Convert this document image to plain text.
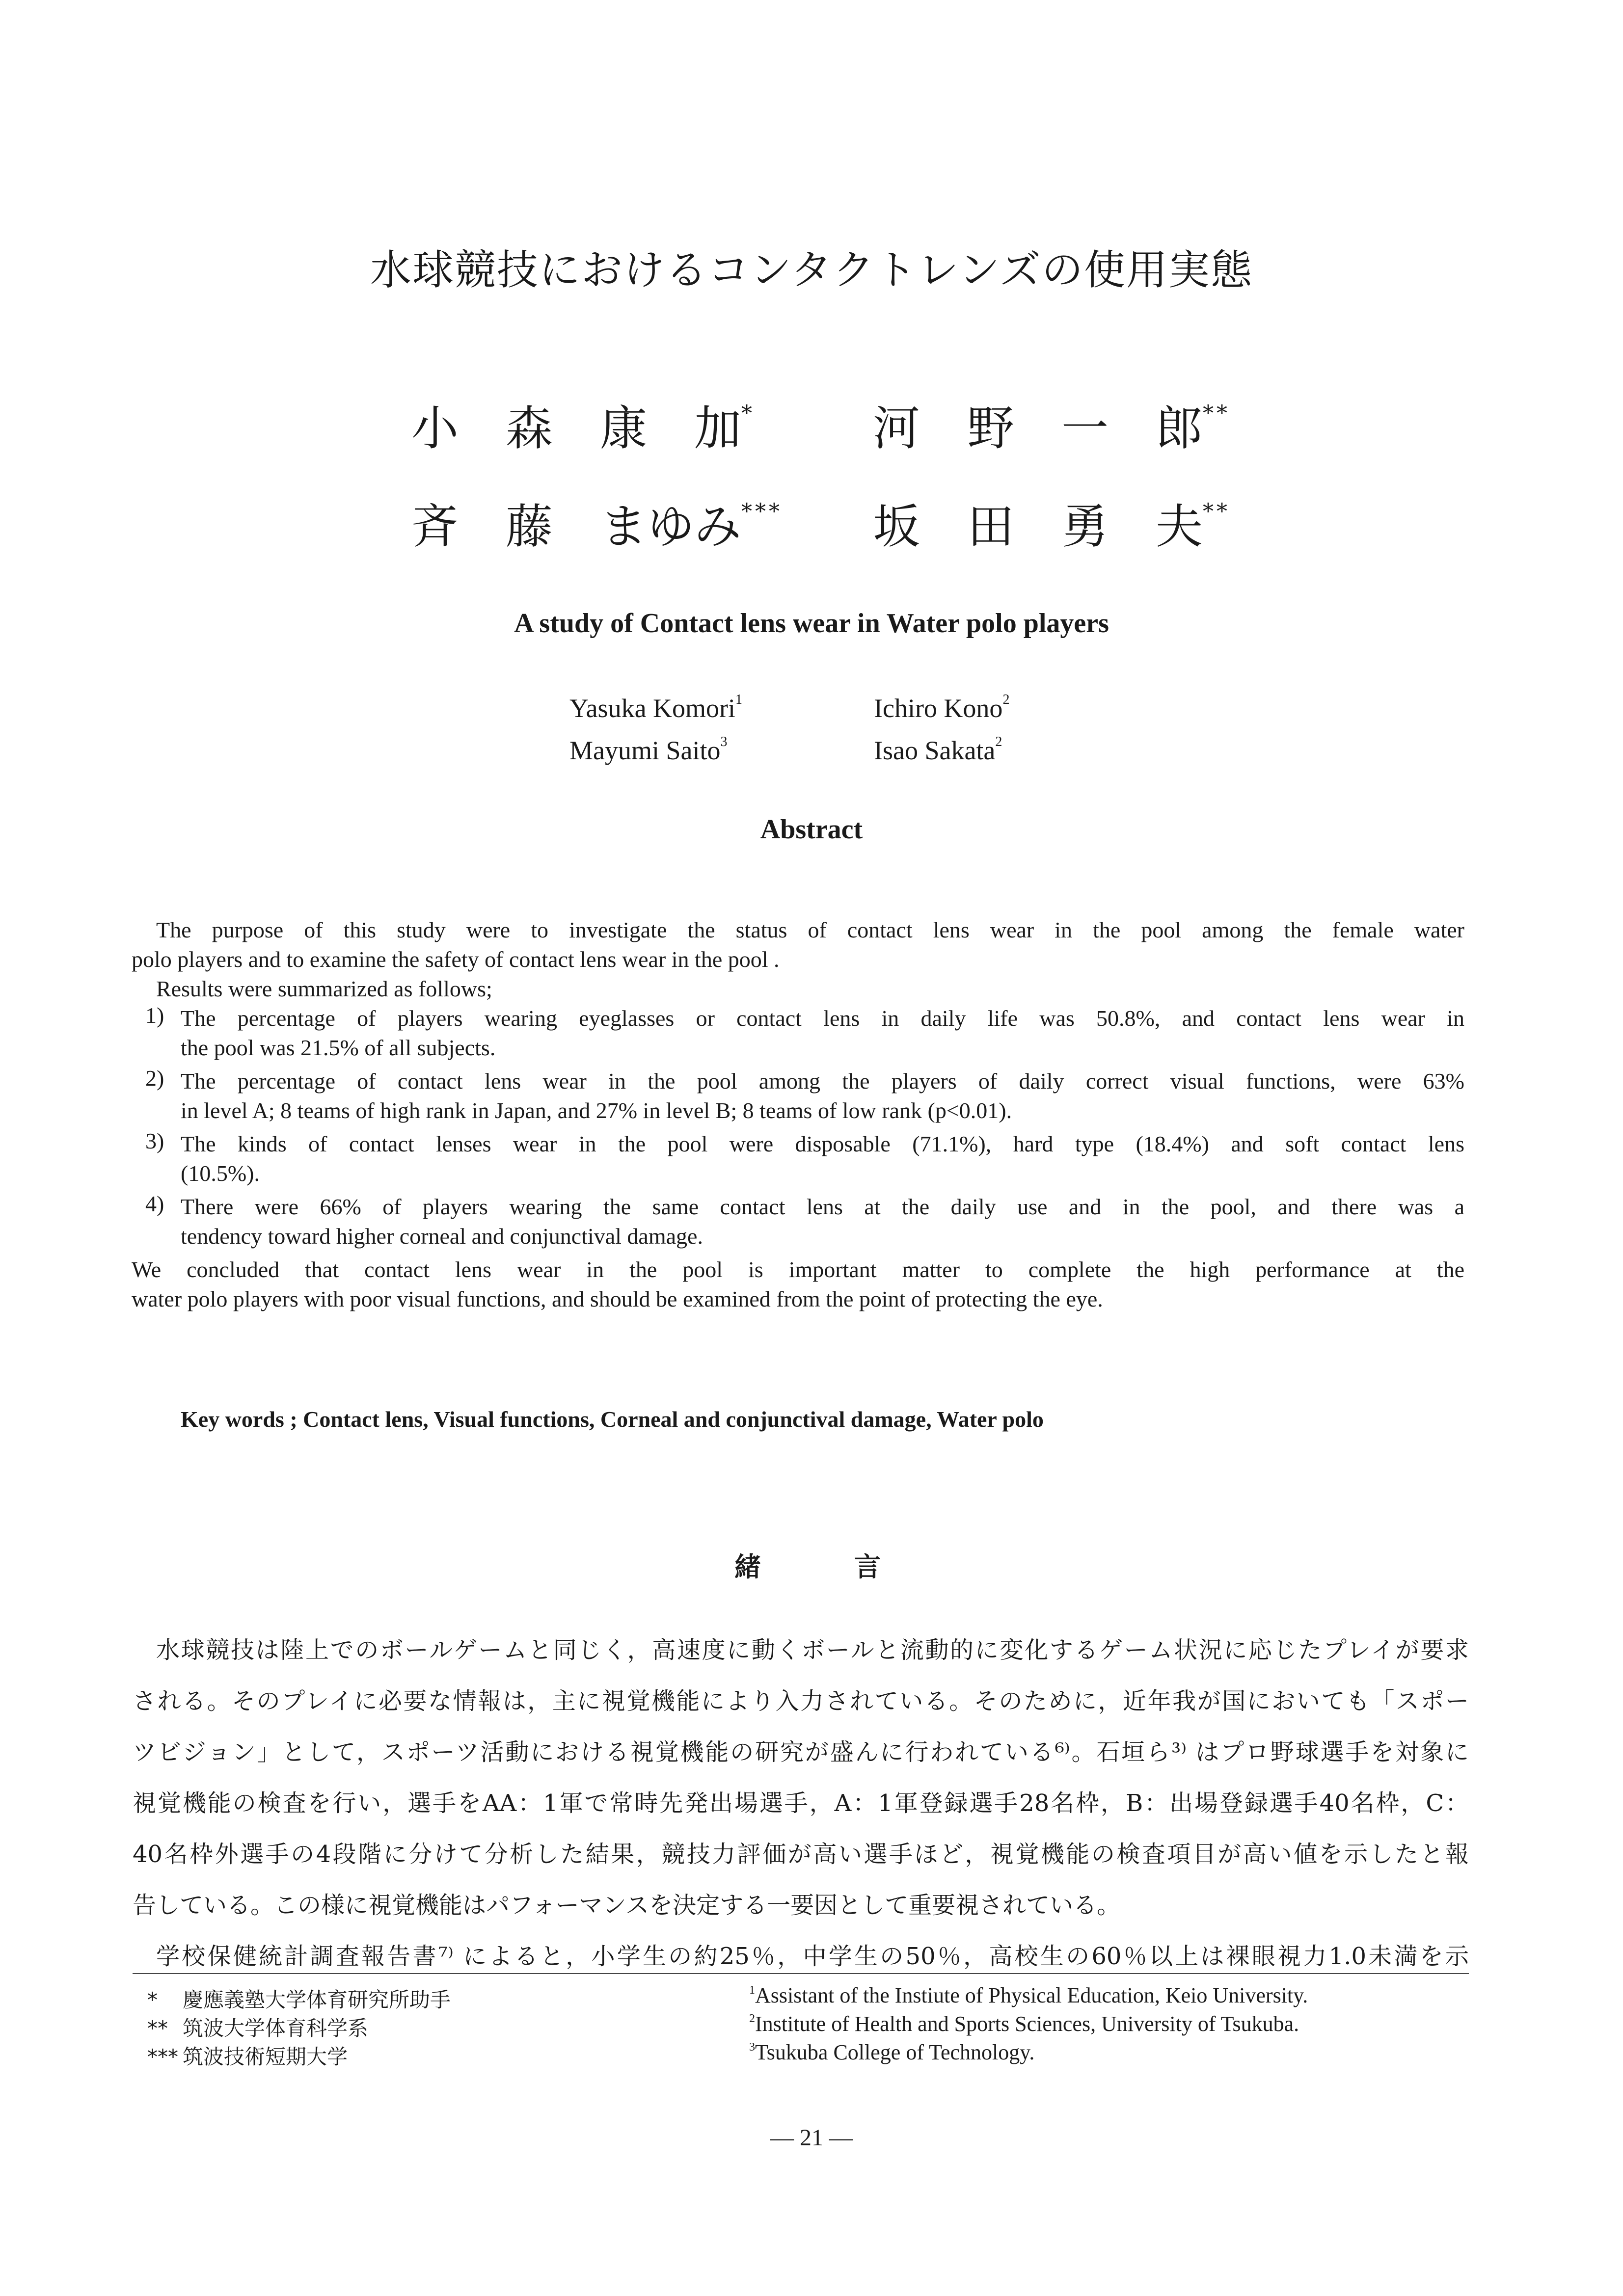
水球競技におけるコンタクトレンズの使用実態
小　森　康　加*	河　野　一　郎**
斉　藤　まゆみ*** 坂　田　勇　夫**
A study of Contact lens wear in Water polo players
Yasuka Komori$^1$	Ichiro Kono$^2$
Mayumi Saito$^3$	Isao Sakata$^2$
Abstract
The purpose of this study were to investigate the status of contact lens wear in the pool among the female water
polo players and to examine the safety of contact lens wear in the pool .
Results were summarized as follows;
1) The percentage of players wearing eyeglasses or contact lens in daily life was 50.8%, and contact lens wear in
the pool was 21.5% of all subjects.
2) The percentage of contact lens wear in the pool among the players of daily correct visual functions, were 63%
in level A; 8 teams of high rank in Japan, and 27% in level B; 8 teams of low rank (p<0.01).
3) The kinds of contact lenses wear in the pool were disposable (71.1%), hard type (18.4%) and soft contact lens
(10.5%).
4) There were 66% of players wearing the same contact lens at the daily use and in the pool, and there was a
tendency toward higher corneal and conjunctival damage.
We concluded that contact lens wear in the pool is important matter to complete the high performance at the
water polo players with poor visual functions, and should be examined from the point of protecting the eye.
Key words ; Contact lens, Visual functions, Corneal and conjunctival damage, Water polo
緒言
水球競技は陸上でのボールゲームと同じく，高速度に動くボールと流動的に変化するゲーム状況に応じたプレイが要求
される。そのプレイに必要な情報は，主に視覚機能により入力されている。そのために，近年我が国においても「スポー
ツビジョン」として，スポーツ活動における視覚機能の研究が盛んに行われている⁶⁾。石垣ら³⁾ はプロ野球選手を対象に
視覚機能の検査を行い，選手をAA：1軍で常時先発出場選手，A：1軍登録選手28名枠，B：出場登録選手40名枠，C：
40名枠外選手の4段階に分けて分析した結果，競技力評価が高い選手ほど，視覚機能の検査項目が高い値を示したと報
告している。この様に視覚機能はパフォーマンスを決定する一要因として重要視されている。
学校保健統計調査報告書⁷⁾ によると，小学生の約25％，中学生の50％，高校生の60％以上は裸眼視力1.0未満を示
* 慶應義塾大学体育研究所助手
** 筑波大学体育科学系
*** 筑波技術短期大学
$^1$Assistant of the Instiute of Physical Education, Keio University.
$^2$Institute of Health and Sports Sciences, University of Tsukuba.
$^3$Tsukuba College of Technology.
— 21 —
